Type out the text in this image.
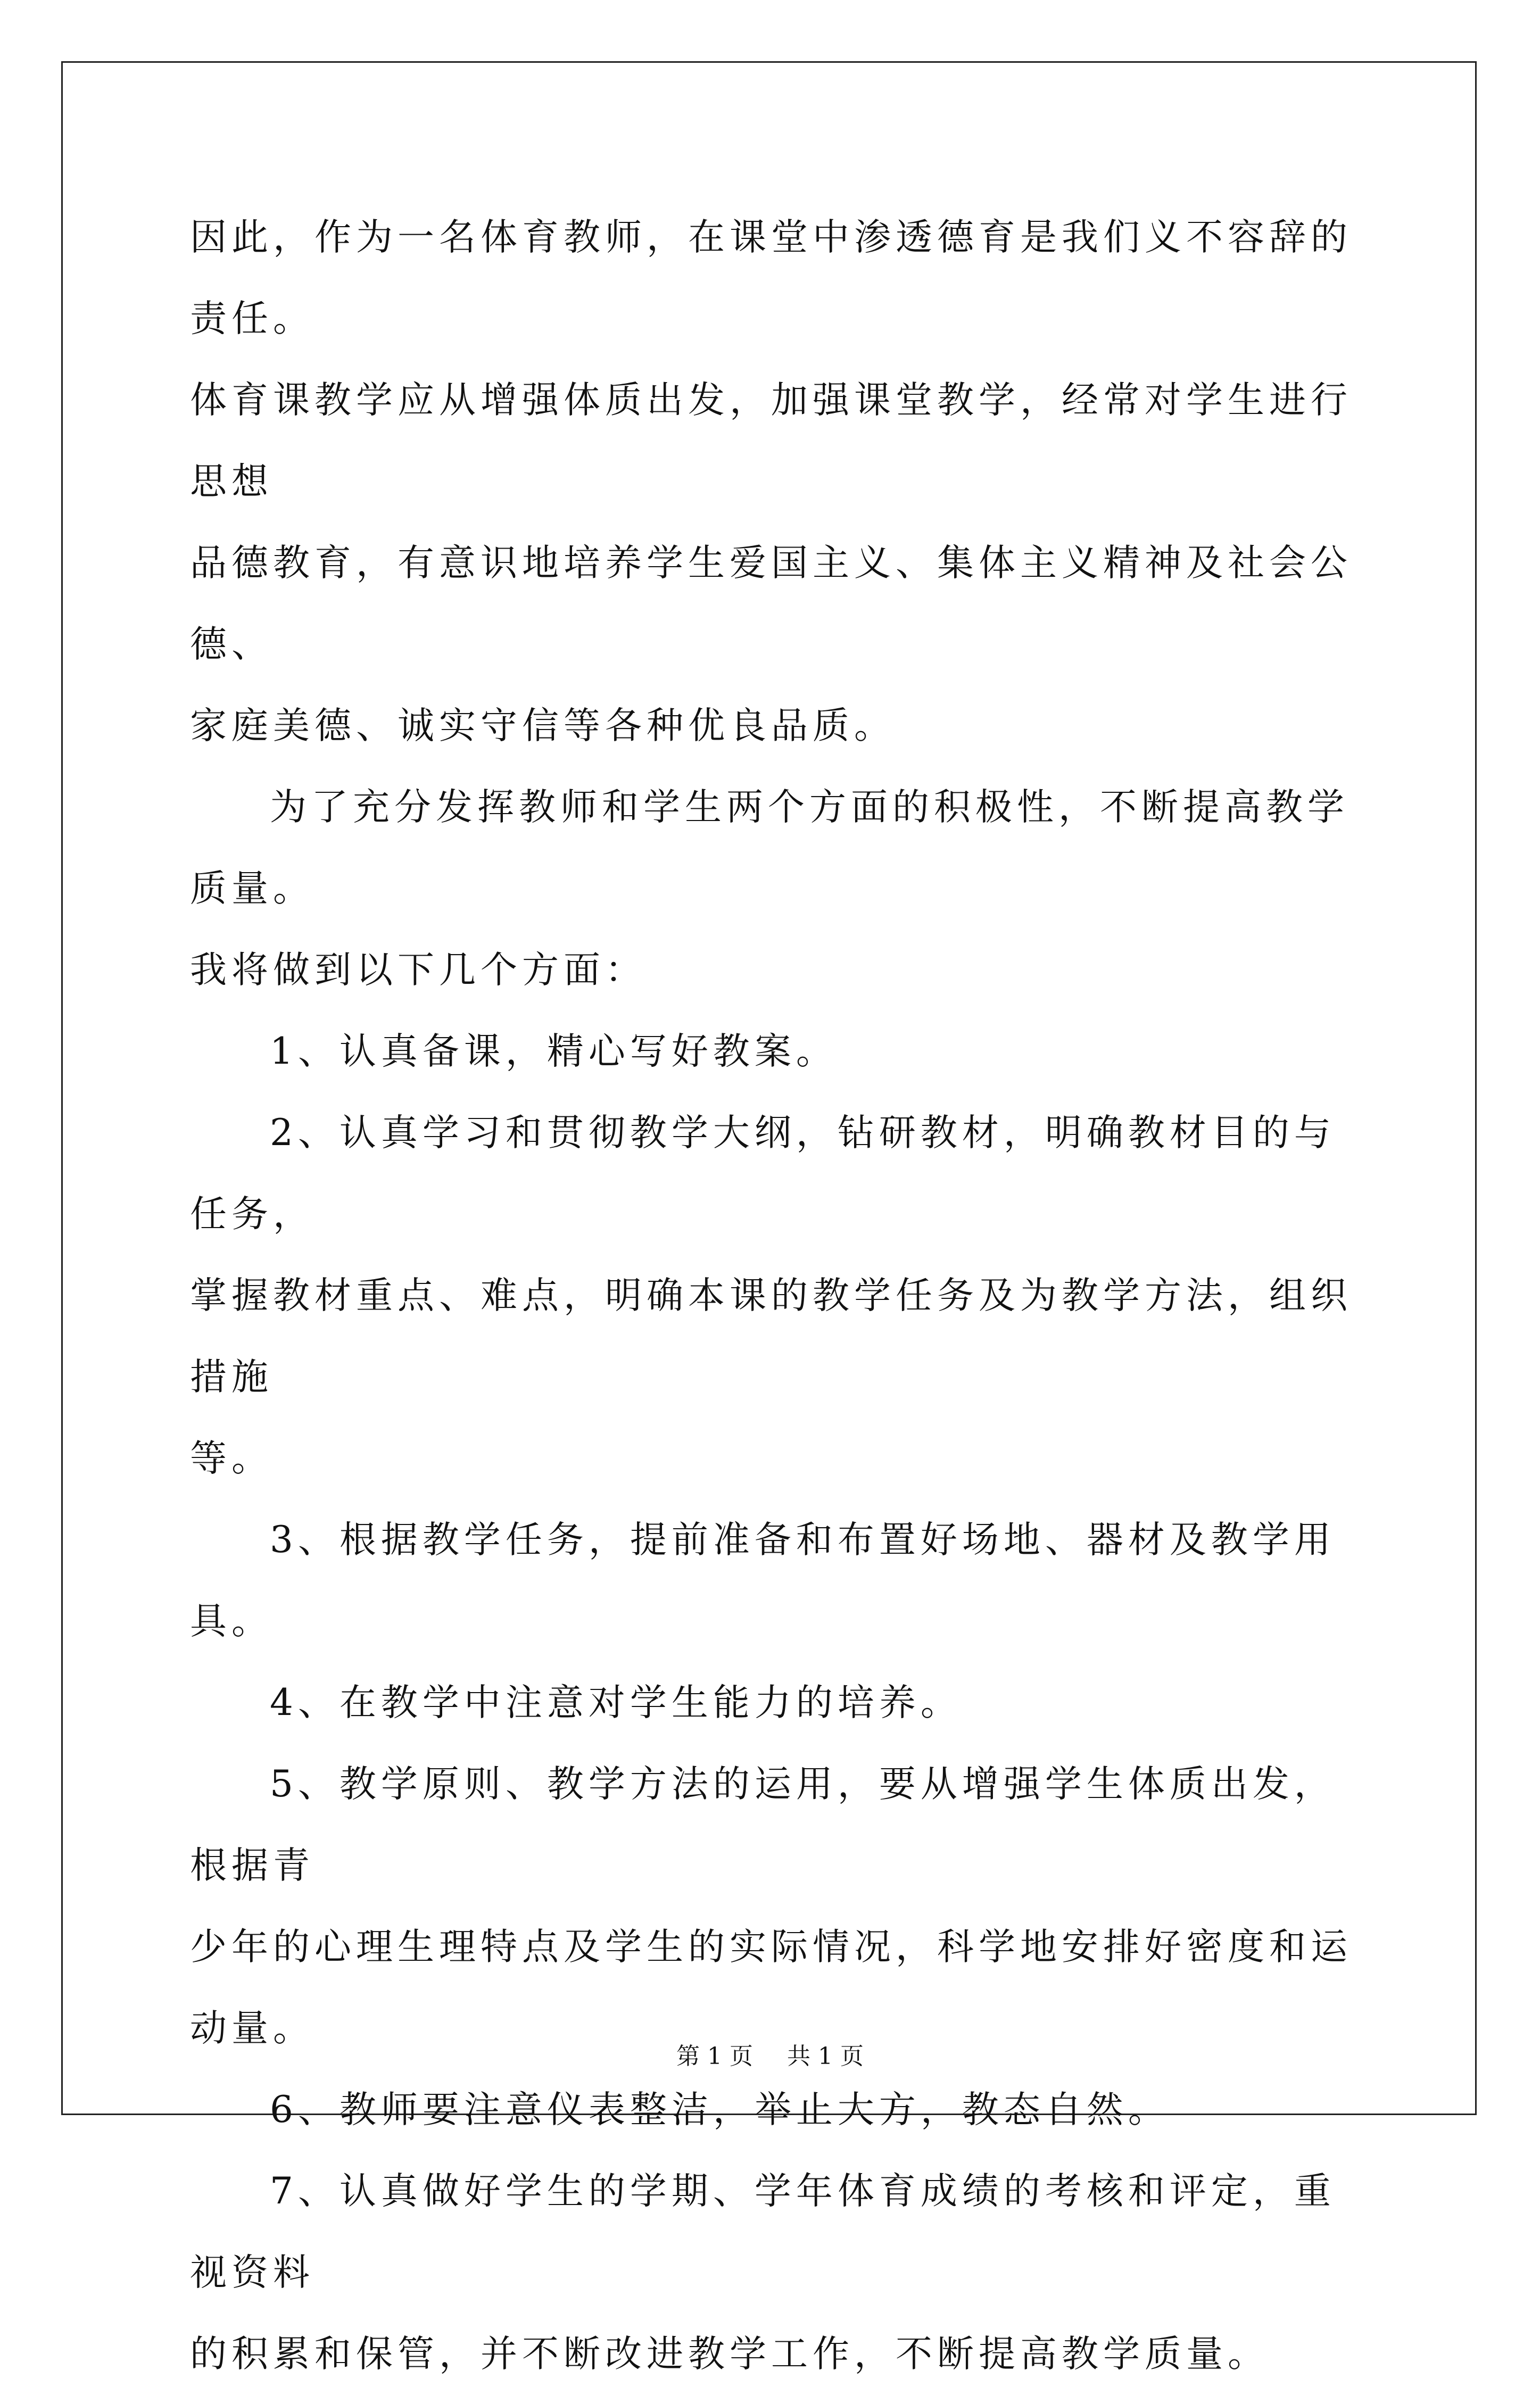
因此，作为一名体育教师，在课堂中渗透德育是我们义不容辞的责任。
体育课教学应从增强体质出发，加强课堂教学，经常对学生进行思想
品德教育，有意识地培养学生爱国主义、集体主义精神及社会公德、
家庭美德、诚实守信等各种优良品质。
为了充分发挥教师和学生两个方面的积极性，不断提高教学质量。
我将做到以下几个方面：
1、认真备课，精心写好教案。
2、认真学习和贯彻教学大纲，钻研教材，明确教材目的与任务，
掌握教材重点、难点，明确本课的教学任务及为教学方法，组织措施
等。
3、根据教学任务，提前准备和布置好场地、器材及教学用具。
4、在教学中注意对学生能力的培养。
5、教学原则、教学方法的运用，要从增强学生体质出发，根据青
少年的心理生理特点及学生的实际情况，科学地安排好密度和运动量。
6、教师要注意仪表整洁，举止大方，教态自然。
7、认真做好学生的学期、学年体育成绩的考核和评定，重视资料
的积累和保管，并不断改进教学工作，不断提高教学质量。
第 1 页 共 1 页
